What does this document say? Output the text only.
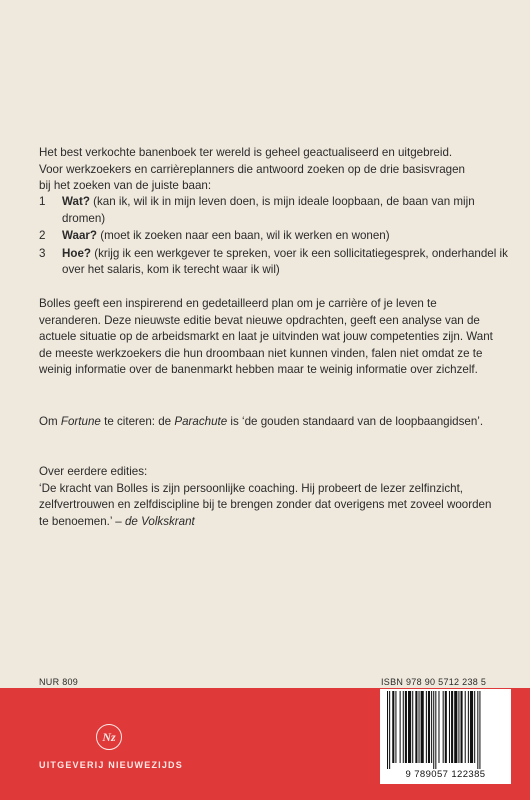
Het best verkochte banenboek ter wereld is geheel geactualiseerd en uitgebreid.

Voor werkzoekers en carrièreplanners die antwoord zoeken op de drie basisvragen

bij het zoeken van de juiste baan:

1	Wat? (kan ik, wil ik in mijn leven doen, is mijn ideale loopbaan, de baan van mijn dromen)
2	Waar? (moet ik zoeken naar een baan, wil ik werken en wonen)
3	Hoe? (krijg ik een werkgever te spreken, voer ik een sollicitatiegesprek, onderhandel ik over het salaris, kom ik terecht waar ik wil)

Bolles geeft een inspirerend en gedetailleerd plan om je carrière of je leven te veranderen. Deze nieuwste editie bevat nieuwe opdrachten, geeft een analyse van de actuele situatie op de arbeidsmarkt en laat je uitvinden wat jouw competenties zijn. Want de meeste werkzoekers die hun droombaan niet kunnen vinden, falen niet omdat ze te weinig informatie over de banenmarkt hebben maar te weinig informatie over zichzelf.

Om Fortune te citeren: de Parachute is ‘de gouden standaard van de loopbaangidsen’.

Over eerdere edities:

‘De kracht van Bolles is zijn persoonlijke coaching. Hij probeert de lezer zelfinzicht, zelfvertrouwen en zelfdiscipline bij te brengen zonder dat overigens met zoveel woorden te benoemen.’ – de Volkskrant

NUR 809	ISBN 978 90 5712 238 5
Nz
UITGEVERIJ NIEUWEZIJDS
9 789057 122385
